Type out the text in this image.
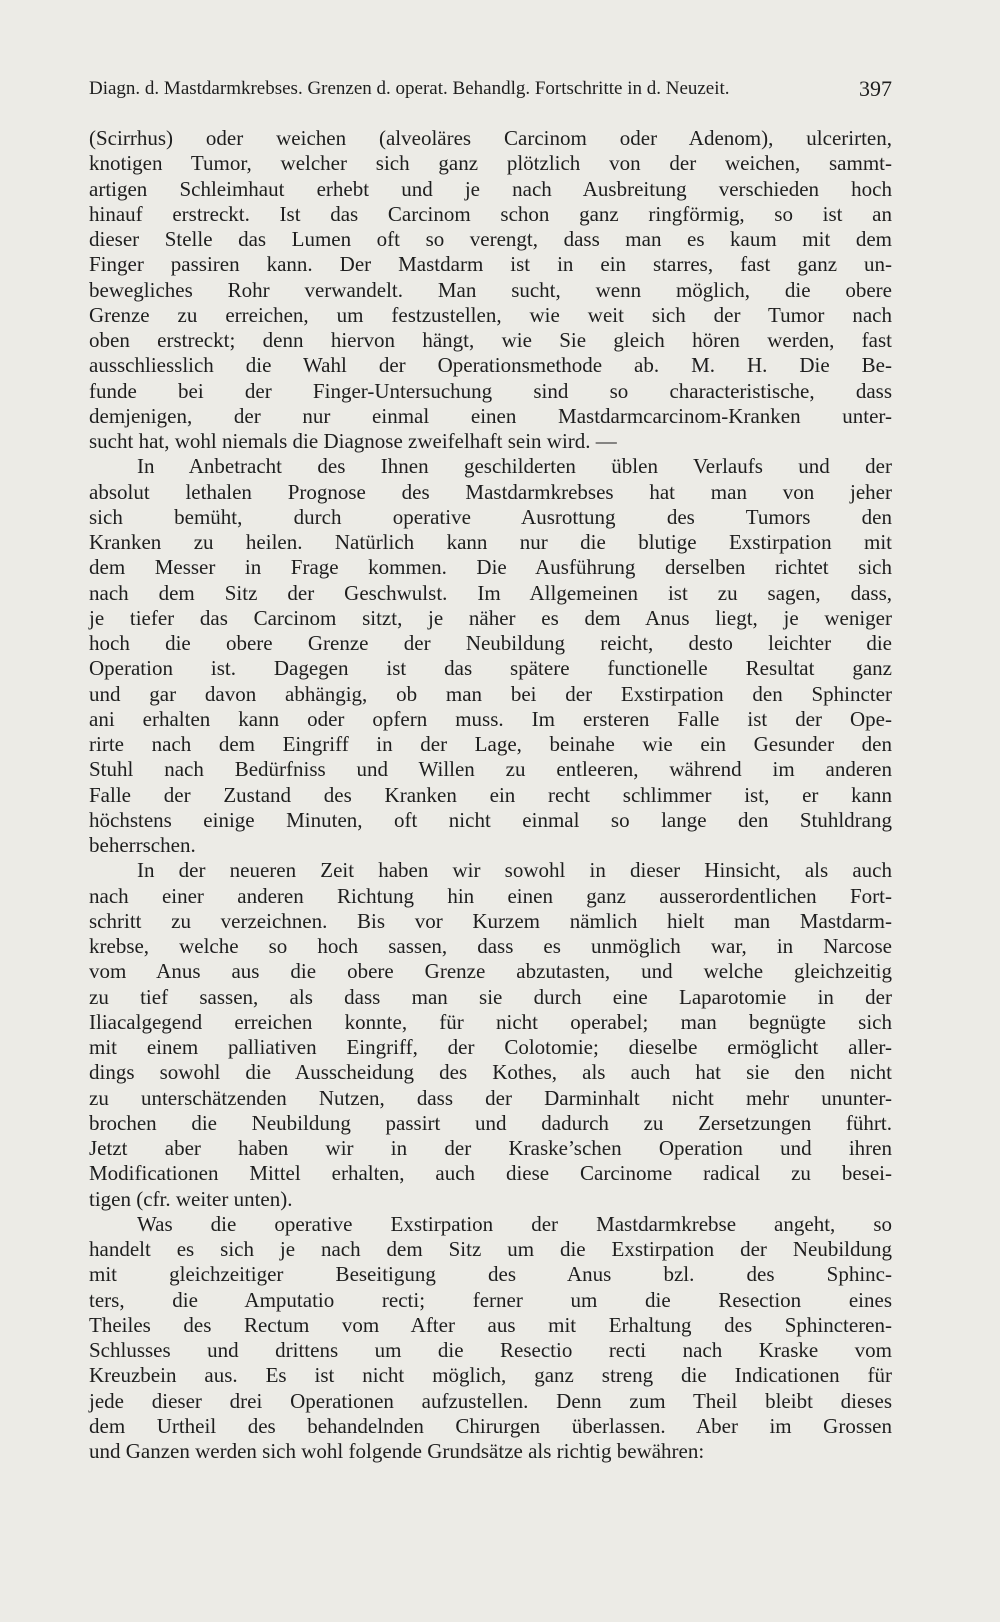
Diagn. d. Mastdarmkrebses. Grenzen d. operat. Behandlg. Fortschritte in d. Neuzeit.	397
(Scirrhus) oder weichen (alveoläres Carcinom oder Adenom), ulcerirten,
knotigen Tumor, welcher sich ganz plötzlich von der weichen, sammt-
artigen Schleimhaut erhebt und je nach Ausbreitung verschieden hoch
hinauf erstreckt. Ist das Carcinom schon ganz ringförmig, so ist an
dieser Stelle das Lumen oft so verengt, dass man es kaum mit dem
Finger passiren kann. Der Mastdarm ist in ein starres, fast ganz un-
bewegliches Rohr verwandelt. Man sucht, wenn möglich, die obere
Grenze zu erreichen, um festzustellen, wie weit sich der Tumor nach
oben erstreckt; denn hiervon hängt, wie Sie gleich hören werden, fast
ausschliesslich die Wahl der Operationsmethode ab. M. H. Die Be-
funde bei der Finger-Untersuchung sind so characteristische, dass
demjenigen, der nur einmal einen Mastdarmcarcinom-Kranken unter-
sucht hat, wohl niemals die Diagnose zweifelhaft sein wird. —
In Anbetracht des Ihnen geschilderten üblen Verlaufs und der
absolut lethalen Prognose des Mastdarmkrebses hat man von jeher
sich bemüht, durch operative Ausrottung des Tumors den
Kranken zu heilen. Natürlich kann nur die blutige Exstirpation mit
dem Messer in Frage kommen. Die Ausführung derselben richtet sich
nach dem Sitz der Geschwulst. Im Allgemeinen ist zu sagen, dass,
je tiefer das Carcinom sitzt, je näher es dem Anus liegt, je weniger
hoch die obere Grenze der Neubildung reicht, desto leichter die
Operation ist. Dagegen ist das spätere functionelle Resultat ganz
und gar davon abhängig, ob man bei der Exstirpation den Sphincter
ani erhalten kann oder opfern muss. Im ersteren Falle ist der Ope-
rirte nach dem Eingriff in der Lage, beinahe wie ein Gesunder den
Stuhl nach Bedürfniss und Willen zu entleeren, während im anderen
Falle der Zustand des Kranken ein recht schlimmer ist, er kann
höchstens einige Minuten, oft nicht einmal so lange den Stuhldrang
beherrschen.
In der neueren Zeit haben wir sowohl in dieser Hinsicht, als auch
nach einer anderen Richtung hin einen ganz ausserordentlichen Fort-
schritt zu verzeichnen. Bis vor Kurzem nämlich hielt man Mastdarm-
krebse, welche so hoch sassen, dass es unmöglich war, in Narcose
vom Anus aus die obere Grenze abzutasten, und welche gleichzeitig
zu tief sassen, als dass man sie durch eine Laparotomie in der
Iliacalgegend erreichen konnte, für nicht operabel; man begnügte sich
mit einem palliativen Eingriff, der Colotomie; dieselbe ermöglicht aller-
dings sowohl die Ausscheidung des Kothes, als auch hat sie den nicht
zu unterschätzenden Nutzen, dass der Darminhalt nicht mehr ununter-
brochen die Neubildung passirt und dadurch zu Zersetzungen führt.
Jetzt aber haben wir in der Kraske’schen Operation und ihren
Modificationen Mittel erhalten, auch diese Carcinome radical zu besei-
tigen (cfr. weiter unten).
Was die operative Exstirpation der Mastdarmkrebse angeht, so
handelt es sich je nach dem Sitz um die Exstirpation der Neubildung
mit gleichzeitiger Beseitigung des Anus bzl. des Sphinc-
ters, die Amputatio recti; ferner um die Resection eines
Theiles des Rectum vom After aus mit Erhaltung des Sphincteren-
Schlusses und drittens um die Resectio recti nach Kraske vom
Kreuzbein aus. Es ist nicht möglich, ganz streng die Indicationen für
jede dieser drei Operationen aufzustellen. Denn zum Theil bleibt dieses
dem Urtheil des behandelnden Chirurgen überlassen. Aber im Grossen
und Ganzen werden sich wohl folgende Grundsätze als richtig bewähren:
